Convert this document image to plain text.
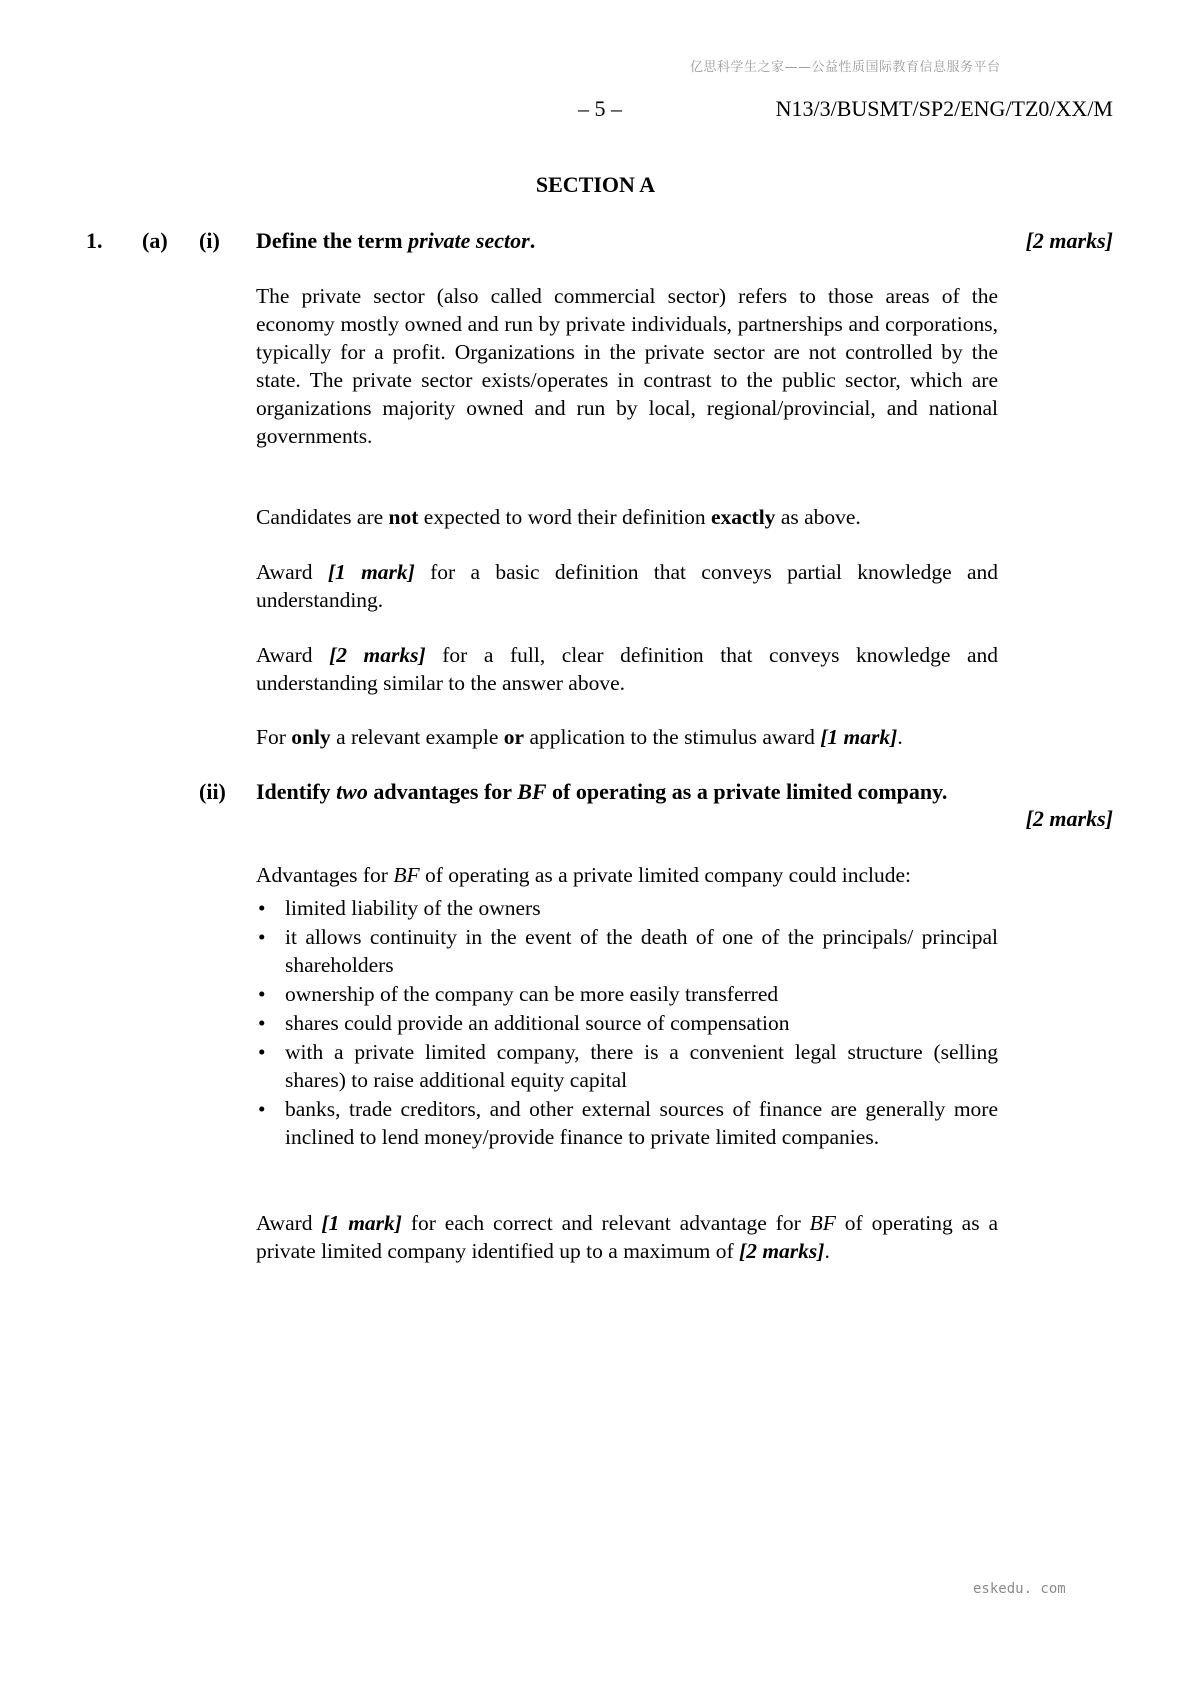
亿思科学生之家——公益性质国际教育信息服务平台
– 5 –	N13/3/BUSMT/SP2/ENG/TZ0/XX/M
SECTION A
1. (a) (i) Define the term private sector.	[2 marks]

The private sector (also called commercial sector) refers to those areas of the economy mostly owned and run by private individuals, partnerships and corporations, typically for a profit. Organizations in the private sector are not controlled by the state. The private sector exists/operates in contrast to the public sector, which are organizations majority owned and run by local, regional/provincial, and national governments.

Candidates are not expected to word their definition exactly as above.

Award [1 mark] for a basic definition that conveys partial knowledge and understanding.

Award [2 marks] for a full, clear definition that conveys knowledge and understanding similar to the answer above.

For only a relevant example or application to the stimulus award [1 mark].

(ii) Identify two advantages for BF of operating as a private limited company.
[2 marks]

Advantages for BF of operating as a private limited company could include:

• limited liability of the owners
• it allows continuity in the event of the death of one of the principals/ principal shareholders
• ownership of the company can be more easily transferred
• shares could provide an additional source of compensation
• with a private limited company, there is a convenient legal structure (selling shares) to raise additional equity capital
• banks, trade creditors, and other external sources of finance are generally more inclined to lend money/provide finance to private limited companies.

Award [1 mark] for each correct and relevant advantage for BF of operating as a private limited company identified up to a maximum of [2 marks].

eskedu. com
